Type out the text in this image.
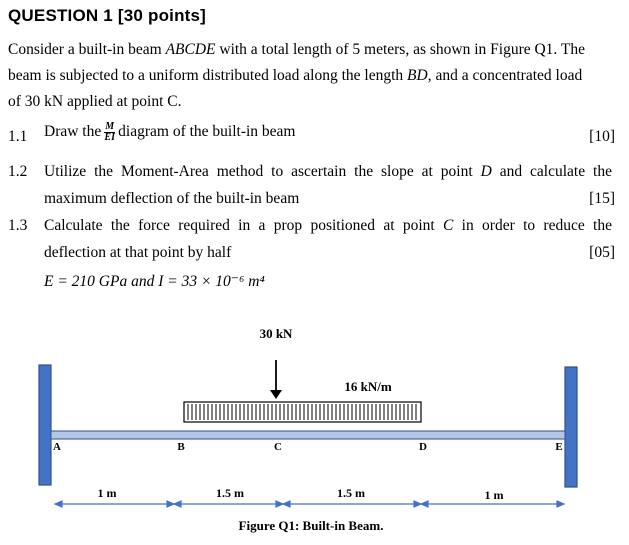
QUESTION 1 [30 points]
Consider a built-in beam ABCDE with a total length of 5 meters, as shown in Figure Q1. The
beam is subjected to a uniform distributed load along the length BD, and a concentrated load
of 30 kN applied at point C.
1.1 Draw the $\frac{M}{EI}$ diagram of the built-in beam	[10]
1.2 Utilize the Moment-Area method to ascertain the slope at point D and calculate the
maximum deflection of the built-in beam	[15]
1.3 Calculate the force required in a prop positioned at point C in order to reduce the
deflection at that point by half	[05]
E = 210 GPa and I = 33 × 10⁻⁶ m⁴
16 kN/m
30 kN
A	B	C	D	E
1 m	1.5 m	1.5 m	1 m
Figure Q1: Built-in Beam.
